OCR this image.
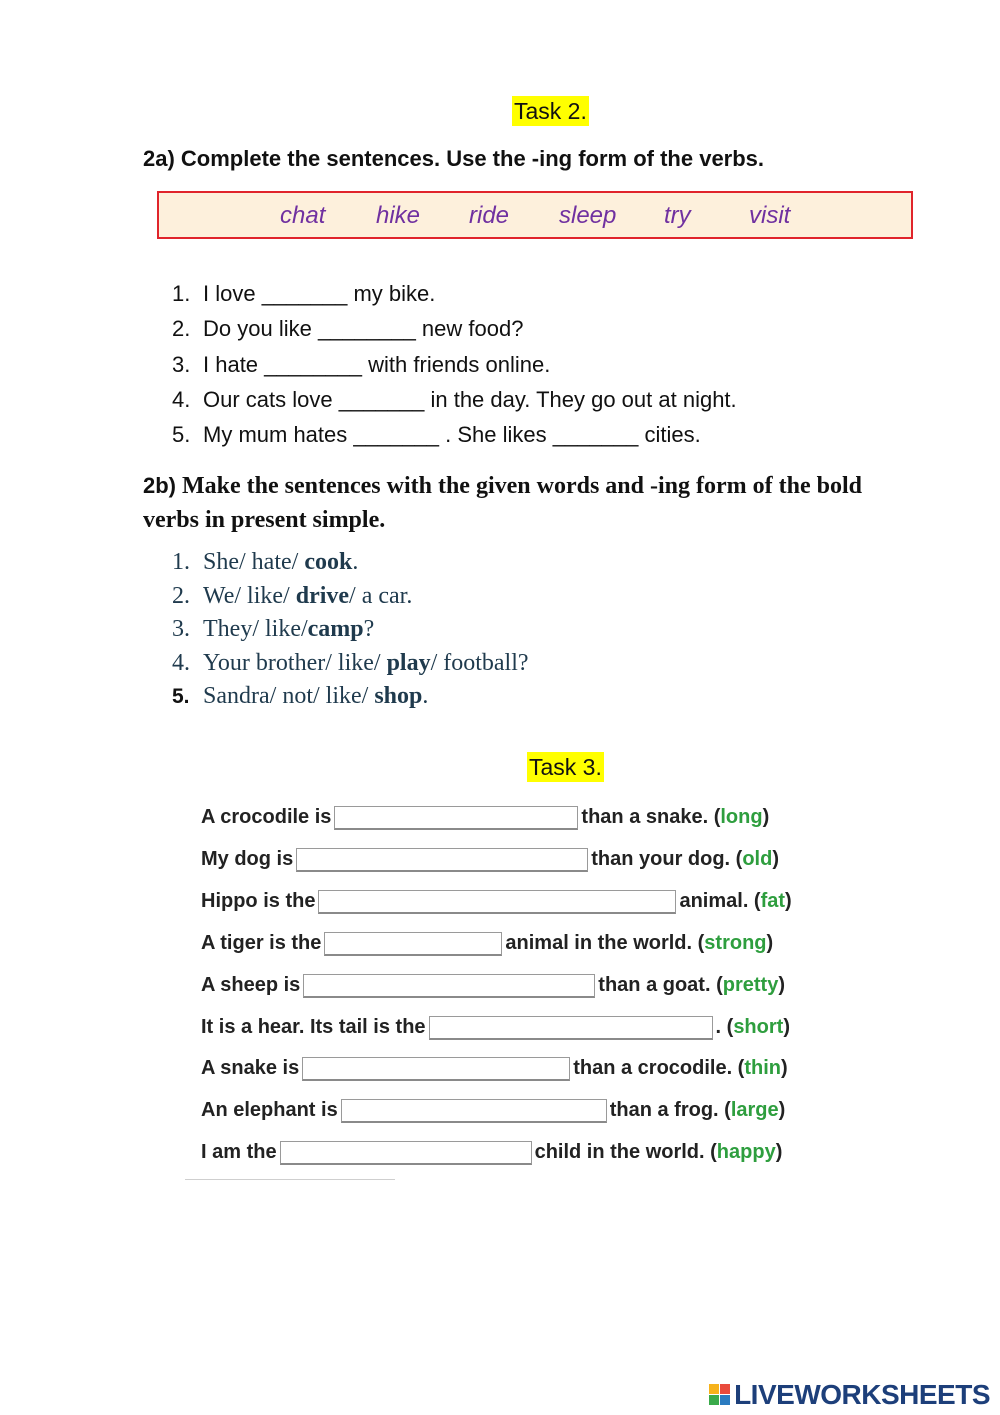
Task 2.
2a) Complete the sentences. Use the -ing form of the verbs.
chat hike ride sleep try visit
1. I love _______ my bike.
2. Do you like ________ new food?
3. I hate ________ with friends online.
4. Our cats love _______ in the day. They go out at night.
5. My mum hates _______ . She likes _______ cities.
2b) Make the sentences with the given words and -ing form of the bold verbs in present simple.
1. She/ hate/ cook.
2. We/ like/ drive/ a car.
3. They/ like/camp?
4. Your brother/ like/ play/ football?
5. Sandra/ not/ like/ shop.
Task 3.
A crocodile is	than a snake. (long)
My dog is	than your dog. (old)
Hippo is the	animal. (fat)
A tiger is the	animal in the world. (strong)
A sheep is	than a goat. (pretty)
It is a hear. Its tail is the	. (short)
A snake is	than a crocodile. (thin)
An elephant is	than a frog. (large)
I am the	child in the world. (happy)
LIVEWORKSHEETS
